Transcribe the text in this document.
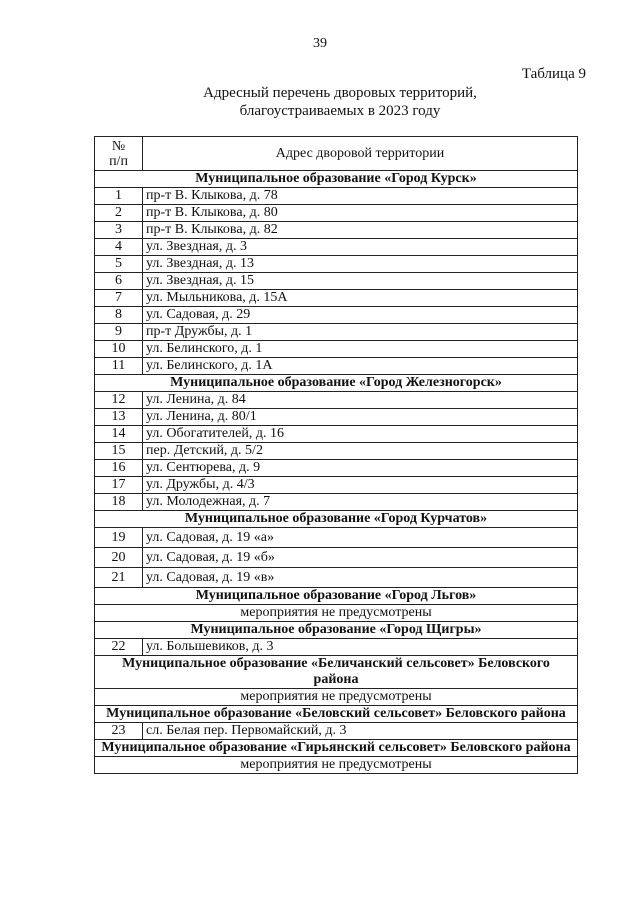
39
Таблица 9
Адресный перечень дворовых территорий,
благоустраиваемых в 2023 году
№
п/п	Адрес дворовой территории
Муниципальное образование «Город Курск»	
1	пр-т В. Клыкова, д. 78
2	пр-т В. Клыкова, д. 80
3	пр-т В. Клыкова, д. 82
4	ул. Звездная, д. 3
5	ул. Звездная, д. 13
6	ул. Звездная, д. 15
7	ул. Мыльникова, д. 15А
8	ул. Садовая, д. 29
9	пр-т Дружбы, д. 1
10	ул. Белинского, д. 1
11	ул. Белинского, д. 1А
Муниципальное образование «Город Железногорск»	
12	ул. Ленина, д. 84
13	ул. Ленина, д. 80/1
14	ул. Обогатителей, д. 16
15	пер. Детский, д. 5/2
16	ул. Сентюрева, д. 9
17	ул. Дружбы, д. 4/3
18	ул. Молодежная, д. 7
Муниципальное образование «Город Курчатов»	
19	ул. Садовая, д. 19 «а»
20	ул. Садовая, д. 19 «б»
21	ул. Садовая, д. 19 «в»
Муниципальное образование «Город Льгов»	
мероприятия не предусмотрены	
Муниципальное образование «Город Щигры»	
22	ул. Большевиков, д. 3
Муниципальное образование «Беличанский сельсовет» Беловского района	
мероприятия не предусмотрены	
Муниципальное образование «Беловский сельсовет» Беловского района	
23	сл. Белая пер. Первомайский, д. 3
Муниципальное образование «Гирьянский сельсовет» Беловского района	
мероприятия не предусмотрены	
